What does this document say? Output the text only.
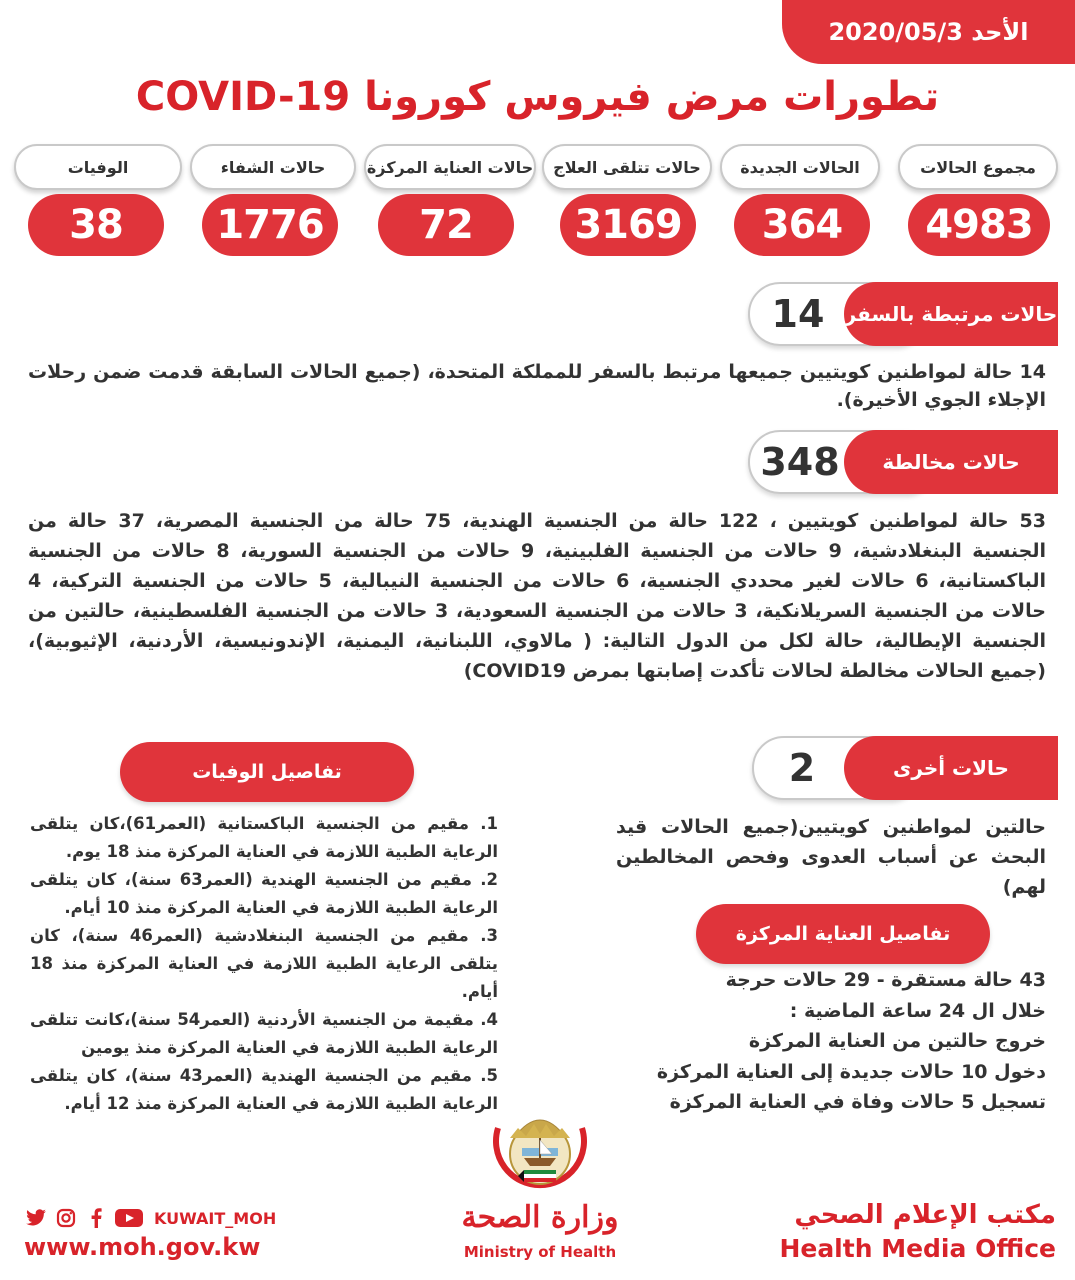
الأحد 2020/05/3
تطورات مرض فيروس كورونا COVID-19
مجموع الحالات
4983
الحالات الجديدة
364
حالات تتلقى العلاج
3169
حالات العناية المركزة
72
حالات الشفاء
1776
الوفيات
38
14	حالات مرتبطة بالسفر
14 حالة لمواطنين كويتيين جميعها مرتبط بالسفر للمملكة المتحدة، (جميع الحالات السابقة قدمت ضمن رحلات الإجلاء الجوي الأخيرة).
348	حالات مخالطة
53 حالة لمواطنين كويتيين ، 122 حالة من الجنسية الهندية، 75 حالة من الجنسية المصرية، 37 حالة من الجنسية البنغلادشية، 9 حالات من الجنسية الفلبينية، 9 حالات من الجنسية السورية، 8 حالات من الجنسية الباكستانية، 6 حالات لغير محددي الجنسية، 6 حالات من الجنسية النيبالية، 5 حالات من الجنسية التركية، 4 حالات من الجنسية السريلانكية، 3 حالات من الجنسية السعودية، 3 حالات من الجنسية الفلسطينية، حالتين من الجنسية الإيطالية، حالة لكل من الدول التالية: ( مالاوي، اللبنانية، اليمنية، الإندونيسية، الأردنية، الإثيوبية)، (جميع الحالات مخالطة لحالات تأكدت إصابتها بمرض COVID19)
2	حالات أخرى
حالتين لمواطنين كويتيين(جميع الحالات قيد البحث عن أسباب العدوى وفحص المخالطين لهم)
تفاصيل الوفيات
1. مقيم من الجنسية الباكستانية (العمر61)،كان يتلقى الرعاية الطبية اللازمة في العناية المركزة منذ 18 يوم.
2. مقيم من الجنسية الهندية (العمر63 سنة)، كان يتلقى الرعاية الطبية اللازمة في العناية المركزة منذ 10 أيام.
3. مقيم من الجنسية البنغلادشية (العمر46 سنة)، كان يتلقى الرعاية الطبية اللازمة في العناية المركزة منذ 18 أيام.
4. مقيمة من الجنسية الأردنية (العمر54 سنة)،كانت تتلقى الرعاية الطبية اللازمة في العناية المركزة منذ يومين
5. مقيم من الجنسية الهندية (العمر43 سنة)، كان يتلقى الرعاية الطبية اللازمة في العناية المركزة منذ 12 أيام.
تفاصيل العناية المركزة
43 حالة مستقرة - 29 حالات حرجة
خلال ال 24 ساعة الماضية :
خروج حالتين من العناية المركزة
دخول 10 حالات جديدة إلى العناية المركزة
تسجيل 5 حالات وفاة في العناية المركزة
KUWAIT_MOH
www.moh.gov.kw
وزارة الصحة
Ministry of Health
مكتب الإعلام الصحي
Health Media Office
